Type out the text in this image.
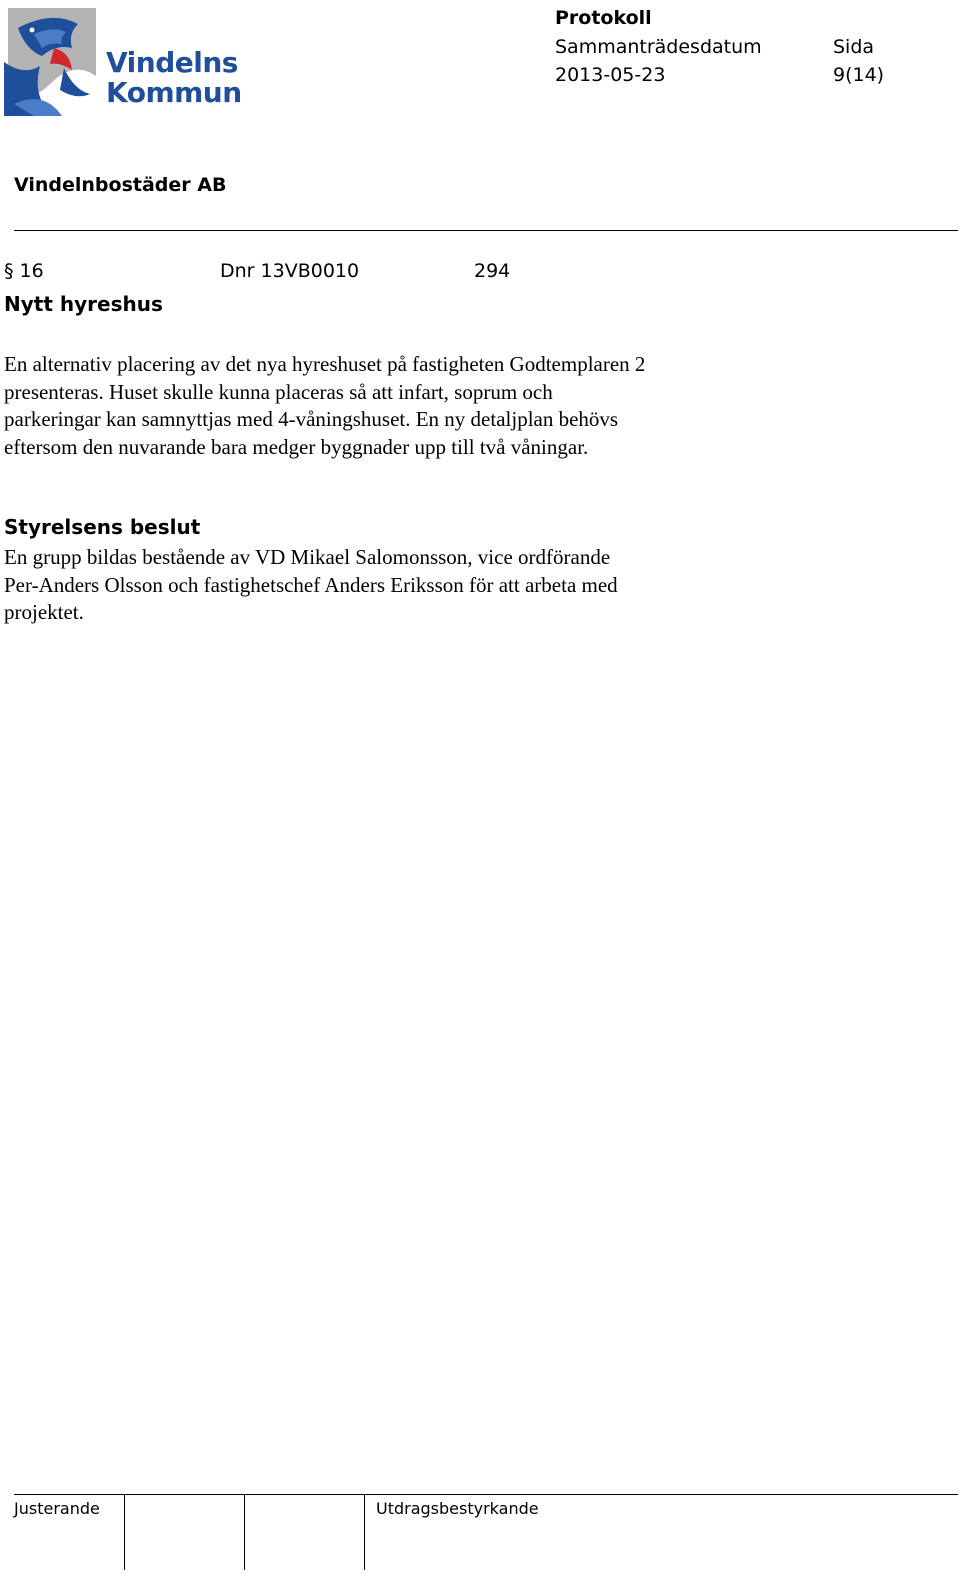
Vindelns
Kommun
Protokoll
Sammanträdesdatum
2013-05-23
Sida
9(14)
Vindelnbostäder AB
§ 16	Dnr 13VB0010	294
Nytt hyreshus
En alternativ placering av det nya hyreshuset på fastigheten Godtemplaren 2
presenteras. Huset skulle kunna placeras så att infart, soprum och
parkeringar kan samnyttjas med 4-våningshuset. En ny detaljplan behövs
eftersom den nuvarande bara medger byggnader upp till två våningar.
Styrelsens beslut
En grupp bildas bestående av VD Mikael Salomonsson, vice ordförande
Per-Anders Olsson och fastighetschef Anders Eriksson för att arbeta med
projektet.
Justerande	Utdragsbestyrkande
